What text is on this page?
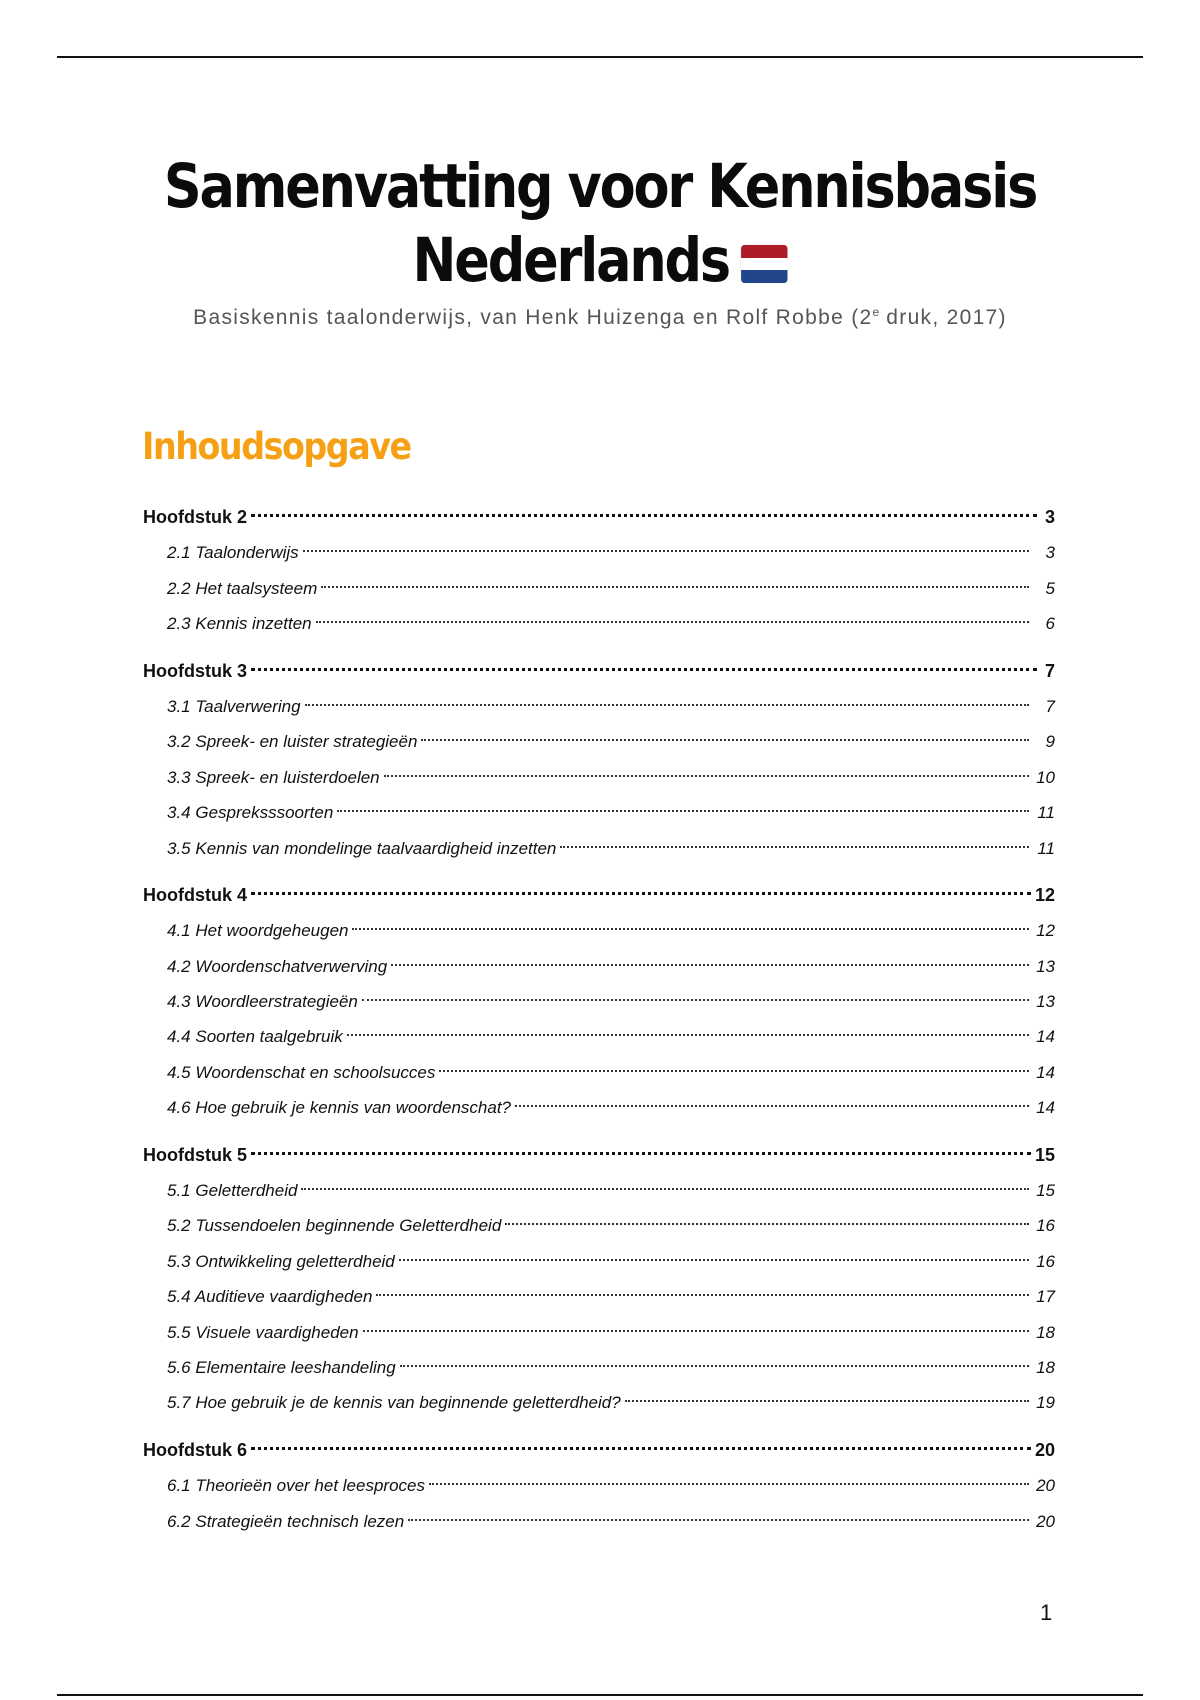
Samenvatting voor Kennisbasis
Nederlands
Basiskennis taalonderwijs, van Henk Huizenga en Rolf Robbe (2e druk, 2017)
Inhoudsopgave
Hoofdstuk 2	3
2.1 Taalonderwijs	3
2.2 Het taalsysteem	5
2.3 Kennis inzetten	6
Hoofdstuk 3	7
3.1 Taalverwering	7
3.2 Spreek- en luister strategieën	9
3.3 Spreek- en luisterdoelen	10
3.4 Gespreksssoorten	11
3.5 Kennis van mondelinge taalvaardigheid inzetten	11
Hoofdstuk 4	12
4.1 Het woordgeheugen	12
4.2 Woordenschatverwerving	13
4.3 Woordleerstrategieën	13
4.4 Soorten taalgebruik	14
4.5 Woordenschat en schoolsucces	14
4.6 Hoe gebruik je kennis van woordenschat?	14
Hoofdstuk 5	15
5.1 Geletterdheid	15
5.2 Tussendoelen beginnende Geletterdheid	16
5.3 Ontwikkeling geletterdheid	16
5.4 Auditieve vaardigheden	17
5.5 Visuele vaardigheden	18
5.6 Elementaire leeshandeling	18
5.7 Hoe gebruik je de kennis van beginnende geletterdheid?	19
Hoofdstuk 6	20
6.1 Theorieën over het leesproces	20
6.2 Strategieën technisch lezen	20
1
